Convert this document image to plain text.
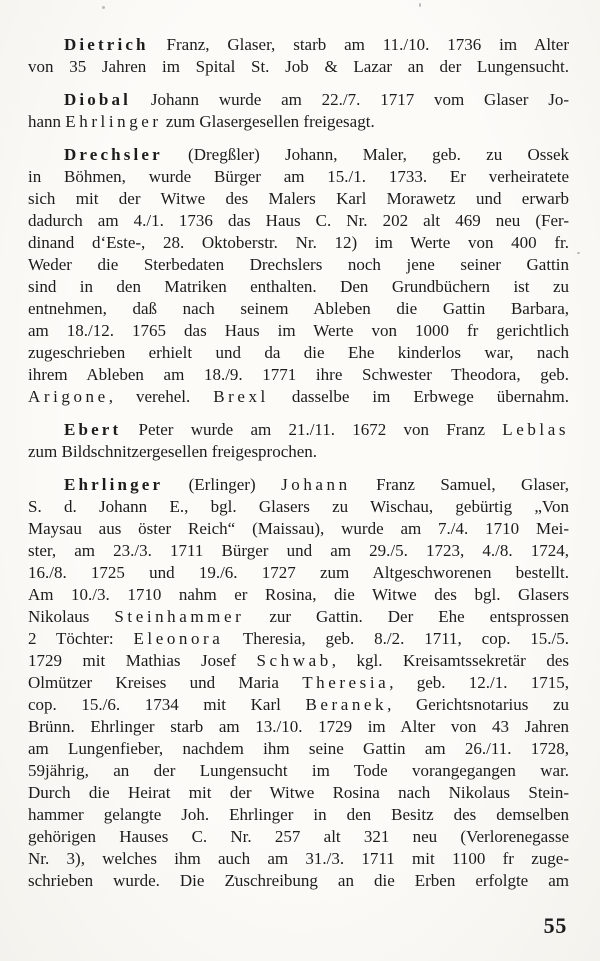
Dietrich Franz, Glaser, starb am 11./10. 1736 im Alter
von 35 Jahren im Spital St. Job & Lazar an der Lungensucht.
Diobal Johann wurde am 22./7. 1717 vom Glaser Jo-
hann Ehrlinger zum Glasergesellen freigesagt.
Drechsler (Dregßler) Johann, Maler, geb. zu Ossek
in Böhmen, wurde Bürger am 15./1. 1733. Er verheiratete
sich mit der Witwe des Malers Karl Morawetz und erwarb
dadurch am 4./1. 1736 das Haus C. Nr. 202 alt 469 neu (Fer-
dinand d‘Este-, 28. Oktoberstr. Nr. 12) im Werte von 400 fr.
Weder die Sterbedaten Drechslers noch jene seiner Gattin
sind in den Matriken enthalten. Den Grundbüchern ist zu
entnehmen, daß nach seinem Ableben die Gattin Barbara,
am 18./12. 1765 das Haus im Werte von 1000 fr gerichtlich
zugeschrieben erhielt und da die Ehe kinderlos war, nach
ihrem Ableben am 18./9. 1771 ihre Schwester Theodora, geb.
Arigone, verehel. Brexl dasselbe im Erbwege übernahm.
Ebert Peter wurde am 21./11. 1672 von Franz Leblas
zum Bildschnitzergesellen freigesprochen.
Ehrlinger (Erlinger) Johann Franz Samuel, Glaser,
S. d. Johann E., bgl. Glasers zu Wischau, gebürtig „Von
Maysau aus öster Reich“ (Maissau), wurde am 7./4. 1710 Mei-
ster, am 23./3. 1711 Bürger und am 29./5. 1723, 4./8. 1724,
16./8. 1725 und 19./6. 1727 zum Altgeschworenen bestellt.
Am 10./3. 1710 nahm er Rosina, die Witwe des bgl. Glasers
Nikolaus Steinhammer zur Gattin. Der Ehe entsprossen
2 Töchter: Eleonora Theresia, geb. 8./2. 1711, cop. 15./5.
1729 mit Mathias Josef Schwab, kgl. Kreisamtssekretär des
Olmützer Kreises und Maria Theresia, geb. 12./1. 1715,
cop. 15./6. 1734 mit Karl Beranek, Gerichtsnotarius zu
Brünn. Ehrlinger starb am 13./10. 1729 im Alter von 43 Jahren
am Lungenfieber, nachdem ihm seine Gattin am 26./11. 1728,
59jährig, an der Lungensucht im Tode vorangegangen war.
Durch die Heirat mit der Witwe Rosina nach Nikolaus Stein-
hammer gelangte Joh. Ehrlinger in den Besitz des demselben
gehörigen Hauses C. Nr. 257 alt 321 neu (Verlorenegasse
Nr. 3), welches ihm auch am 31./3. 1711 mit 1100 fr zuge-
schrieben wurde. Die Zuschreibung an die Erben erfolgte am
55
